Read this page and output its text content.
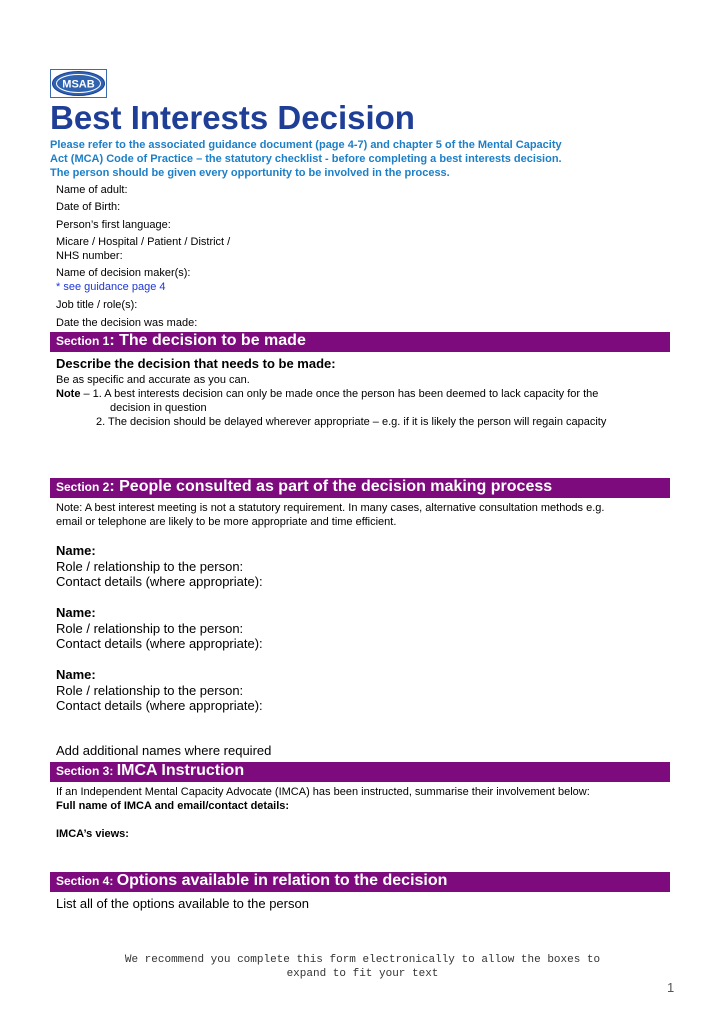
MSAB
Best Interests Decision
Please refer to the associated guidance document (page 4-7) and chapter 5 of the Mental Capacity
Act (MCA) Code of Practice – the statutory checklist - before completing a best interests decision.
The person should be given every opportunity to be involved in the process.
Name of adult:
Date of Birth:
Person’s first language:
Micare / Hospital / Patient / District /
NHS number:
Name of decision maker(s):
* see guidance page 4
Job title / role(s):
Date the decision was made:
Section 1: The decision to be made
Describe the decision that needs to be made:
Be as specific and accurate as you can.
Note – 1. A best interests decision can only be made once the person has been deemed to lack capacity for the
decision in question
2. The decision should be delayed wherever appropriate – e.g. if it is likely the person will regain capacity
Section 2: People consulted as part of the decision making process
Note: A best interest meeting is not a statutory requirement. In many cases, alternative consultation methods e.g.
email or telephone are likely to be more appropriate and time efficient.
Name:
Role / relationship to the person:
Contact details (where appropriate):
Name:
Role / relationship to the person:
Contact details (where appropriate):
Name:
Role / relationship to the person:
Contact details (where appropriate):
Add additional names where required
Section 3: IMCA Instruction
If an Independent Mental Capacity Advocate (IMCA) has been instructed, summarise their involvement below:
Full name of IMCA and email/contact details:
IMCA’s views:
Section 4: Options available in relation to the decision
List all of the options available to the person
We recommend you complete this form electronically to allow the boxes to
expand to fit your text
1
